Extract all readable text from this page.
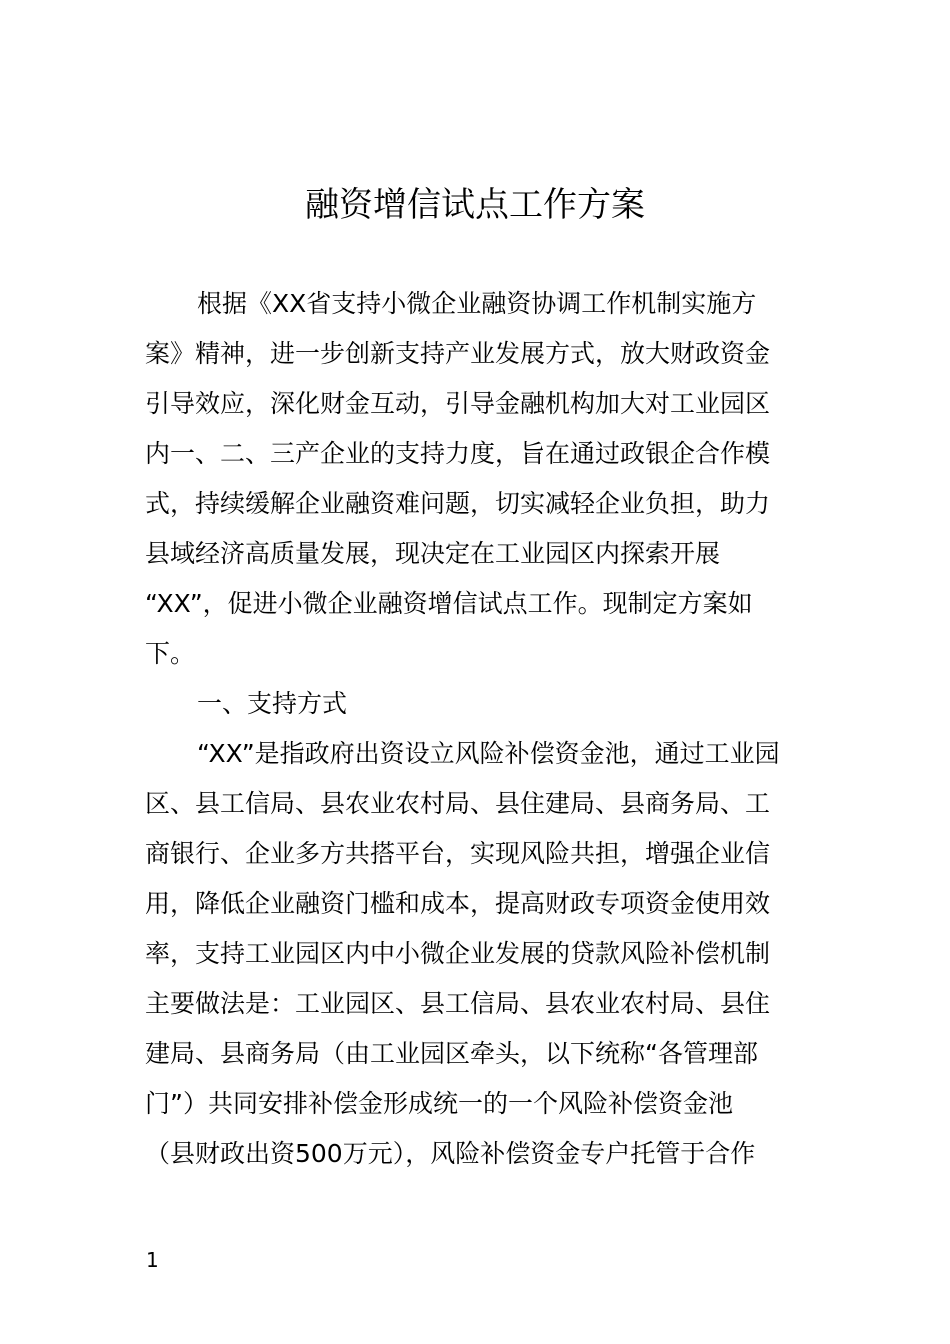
融资增信试点工作方案
根据《XX省支持小微企业融资协调工作机制实施方
案》精神，进一步创新支持产业发展方式，放大财政资金
引导效应，深化财金互动，引导金融机构加大对工业园区
内一、二、三产企业的支持力度，旨在通过政银企合作模
式，持续缓解企业融资难问题，切实减轻企业负担，助力
县域经济高质量发展，现决定在工业园区内探索开展
“XX”，促进小微企业融资增信试点工作。现制定方案如
下。
一、支持方式
“XX”是指政府出资设立风险补偿资金池，通过工业园
区、县工信局、县农业农村局、县住建局、县商务局、工
商银行、企业多方共搭平台，实现风险共担，增强企业信
用，降低企业融资门槛和成本，提高财政专项资金使用效
率，支持工业园区内中小微企业发展的贷款风险补偿机制
主要做法是：工业园区、县工信局、县农业农村局、县住
建局、县商务局（由工业园区牵头，以下统称“各管理部
门”）共同安排补偿金形成统一的一个风险补偿资金池
（县财政出资500万元），风险补偿资金专户托管于合作
1
